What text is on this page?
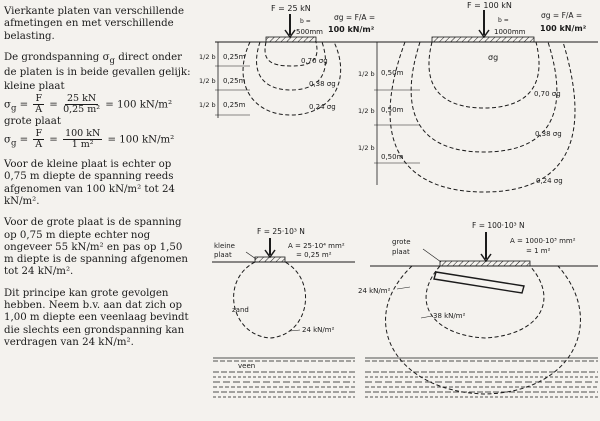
Vierkante platen van verschillende afmetingen en met verschillende belasting.

De grondspanning $\sigma_g$ direct onder de platen is in beide gevallen gelijk:
kleine plaat
$\sigma_g = \frac{F}{A} = \frac{25 kN}{\text{0,25 m²}} = 100$ kN/m²
grote plaat
$\sigma_g = \frac{F}{A} = \frac{100 kN}{\text{1 m²}} = 100$ kN/m²

Voor de kleine plaat is echter op 0,75 m diepte de spanning reeds afgenomen van 100 kN/m² tot 24 kN/m².

Voor de grote plaat is de spanning op 0,75 m diepte echter nog ongeveer 55 kN/m² en pas op 1,50 m diepte is de spanning afgenomen tot 24 kN/m².

Dit principe kan grote gevolgen hebben. Neem b.v. aan dat zich op 1,00 m diepte een veenlaag bevindt die slechts een grondspanning kan verdragen van 24 kN/m².

F = 25 kN
b =
500mm
σg = F/A =
100 kN/m²
0,70 σg
0,38 σg
0,24 σg
1/2 b
1/2 b
1/2 b
0,25m
0,25m
0,25m
F = 100 kN
b =
1000mm
σg = F/A =
100 kN/m²
σg
0,70 σg
0,38 σg
0,24 σg
1/2 b
1/2 b
1/2 b
0,50m
0,50m
0,50m
F = 25·10³ N
kleine
plaat
A = 25·10⁴ mm²
= 0,25 m²
zand
24 kN/m²
veen
F = 100·10³ N
grote
plaat
A = 1000·10³ mm²
= 1 m²
24 kN/m²
38 kN/m²
